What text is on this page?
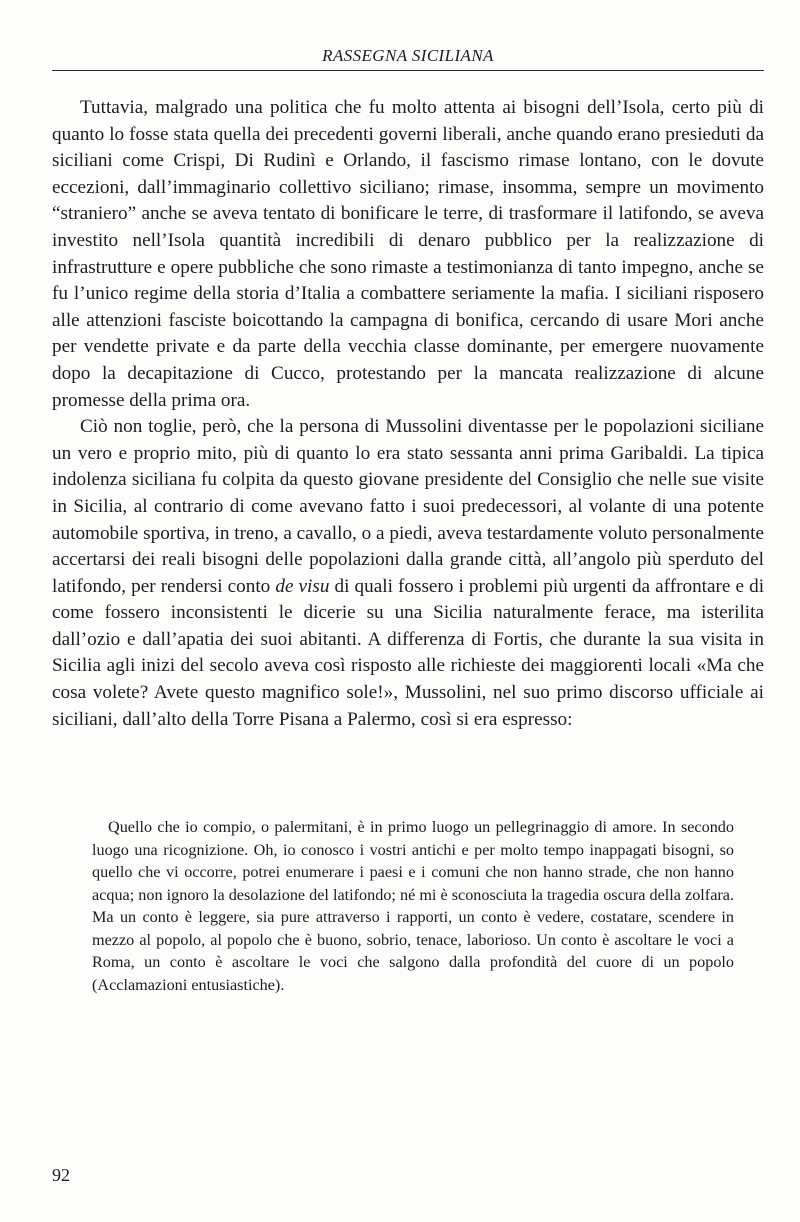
RASSEGNA SICILIANA

Tuttavia, malgrado una politica che fu molto attenta ai bisogni dell’Isola, certo più di quanto lo fosse stata quella dei precedenti governi liberali, anche quando erano presieduti da siciliani come Crispi, Di Rudinì e Orlando, il fascismo rimase lontano, con le dovute eccezioni, dall’immaginario collettivo siciliano; rimase, insomma, sempre un movimento “straniero” anche se aveva tentato di bonificare le terre, di trasformare il latifondo, se aveva investito nell’Isola quantità incredibili di denaro pubblico per la realizzazione di infrastrutture e opere pubbliche che sono rimaste a testimonianza di tanto impegno, anche se fu l’unico regime della storia d’Italia a combattere seriamente la mafia. I siciliani risposero alle attenzioni fasciste boicottando la campagna di bonifica, cercando di usare Mori anche per vendette private e da parte della vecchia classe dominante, per emergere nuovamente dopo la decapitazione di Cucco, protestando per la mancata realizzazione di alcune promesse della prima ora.

Ciò non toglie, però, che la persona di Mussolini diventasse per le popolazioni siciliane un vero e proprio mito, più di quanto lo era stato sessanta anni prima Garibaldi. La tipica indolenza siciliana fu colpita da questo giovane presidente del Consiglio che nelle sue visite in Sicilia, al contrario di come avevano fatto i suoi predecessori, al volante di una potente automobile sportiva, in treno, a cavallo, o a piedi, aveva testardamente voluto personalmente accertarsi dei reali bisogni delle popolazioni dalla grande città, all’angolo più sperduto del latifondo, per rendersi conto de visu di quali fossero i problemi più urgenti da affrontare e di come fossero inconsistenti le dicerie su una Sicilia naturalmente ferace, ma isterilita dall’ozio e dall’apatia dei suoi abitanti. A differenza di Fortis, che durante la sua visita in Sicilia agli inizi del secolo aveva così risposto alle richieste dei maggiorenti locali «Ma che cosa volete? Avete questo magnifico sole!», Mussolini, nel suo primo discorso ufficiale ai siciliani, dall’alto della Torre Pisana a Palermo, così si era espresso:

Quello che io compio, o palermitani, è in primo luogo un pellegrinaggio di amore. In secondo luogo una ricognizione. Oh, io conosco i vostri antichi e per molto tempo inappagati bisogni, so quello che vi occorre, potrei enumerare i paesi e i comuni che non hanno strade, che non hanno acqua; non ignoro la desolazione del latifondo; né mi è sconosciuta la tragedia oscura della zolfara. Ma un conto è leggere, sia pure attraverso i rapporti, un conto è vedere, costatare, scendere in mezzo al popolo, al popolo che è buono, sobrio, tenace, laborioso. Un conto è ascoltare le voci a Roma, un conto è ascoltare le voci che salgono dalla profondità del cuore di un popolo (Acclamazioni entusiastiche).

92
